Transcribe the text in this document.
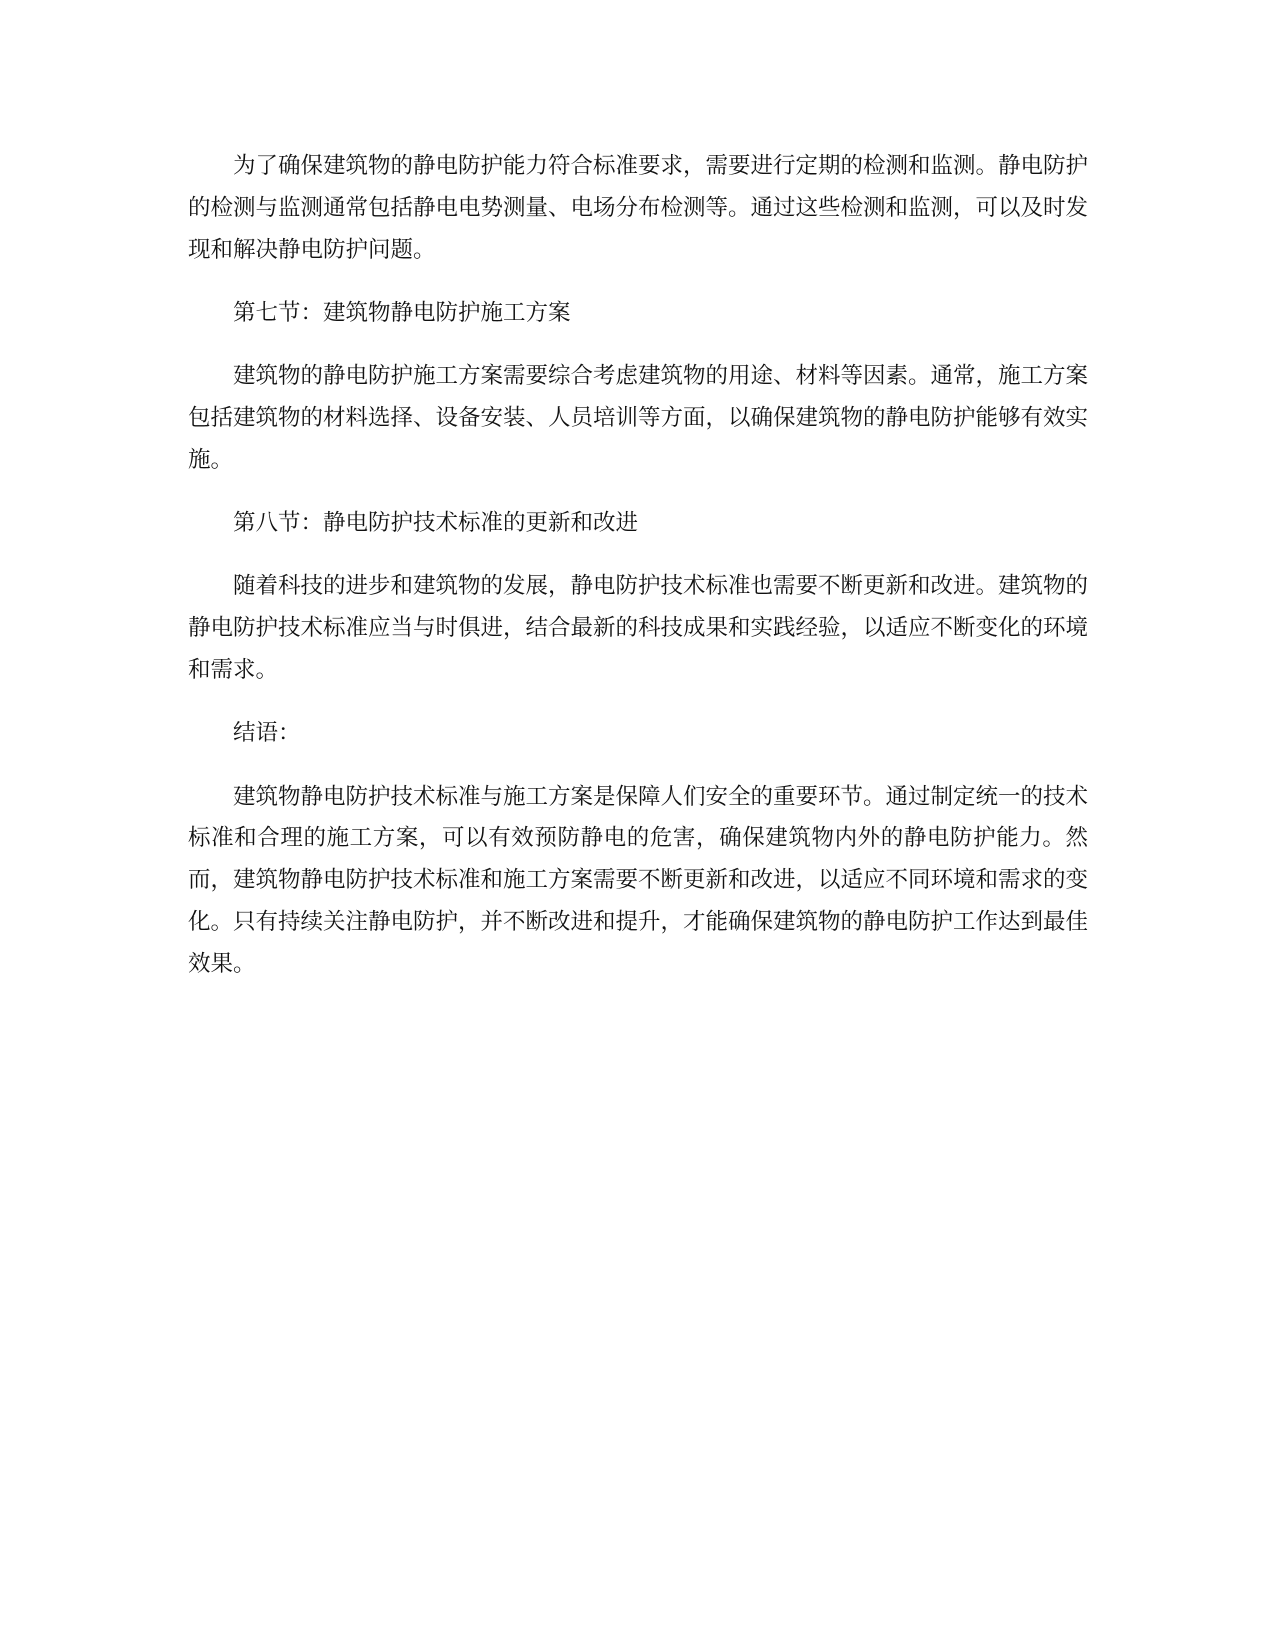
为了确保建筑物的静电防护能力符合标准要求，需要进行定期的检测和监测。静电防护的检测与监测通常包括静电电势测量、电场分布检测等。通过这些检测和监测，可以及时发现和解决静电防护问题。

第七节：建筑物静电防护施工方案

建筑物的静电防护施工方案需要综合考虑建筑物的用途、材料等因素。通常，施工方案包括建筑物的材料选择、设备安装、人员培训等方面，以确保建筑物的静电防护能够有效实施。

第八节：静电防护技术标准的更新和改进

随着科技的进步和建筑物的发展，静电防护技术标准也需要不断更新和改进。建筑物的静电防护技术标准应当与时俱进，结合最新的科技成果和实践经验，以适应不断变化的环境和需求。

结语：

建筑物静电防护技术标准与施工方案是保障人们安全的重要环节。通过制定统一的技术标准和合理的施工方案，可以有效预防静电的危害，确保建筑物内外的静电防护能力。然而，建筑物静电防护技术标准和施工方案需要不断更新和改进，以适应不同环境和需求的变化。只有持续关注静电防护，并不断改进和提升，才能确保建筑物的静电防护工作达到最佳效果。
